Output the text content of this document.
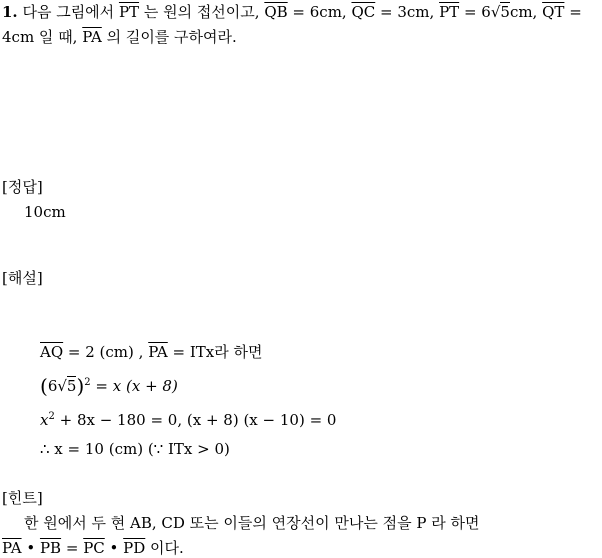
1. 다음 그림에서 $\overline{PT}$ 는 원의 접선이고, $\overline{QB} = 6cm$, $\overline{QC} = 3cm$, $\overline{PT} = 6√5cm$, $\overline{QT}$ =
4cm 일 때, $\overline{PA}$ 의 길이를 구하여라.
[정답]
10cm
[해설]
$\overline{AQ} = 2$ (cm) , $\overline{PA}$ = ITx라 하면
$(6√5)^2 = x$ (x + 8)
$x^2 + 8x - 180 = 0$, (x + 8) (x − 10) = 0
∴ x = 10 (cm) (∵ ITx > 0)
[힌트]
한 원에서 두 현 AB, CD 또는 이들의 연장선이 만나는 점을 P 라 하면
$\overline{PA}$ • $\overline{PB} = \overline{PC}$ • $\overline{PD}$ 이다.
